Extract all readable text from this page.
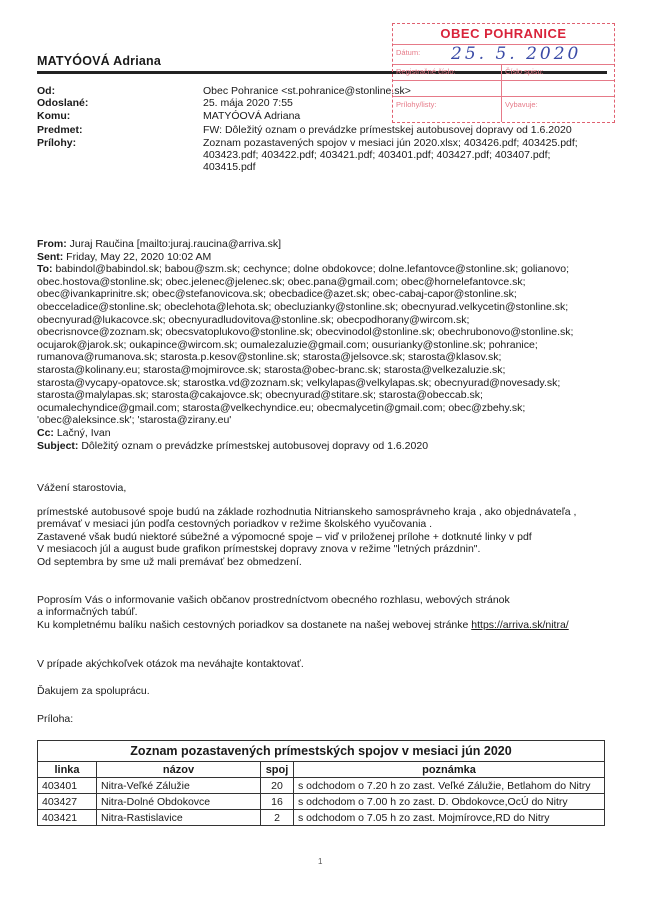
MATYÓOVÁ Adriana
Od:	Obec Pohranice <st.pohranice@stonline.sk>
Odoslané:	25. mája 2020 7:55
Komu:	MATYÓOVÁ Adriana
Predmet:	FW: Dôležitý oznam o prevádzke prímestskej autobusovej dopravy od 1.6.2020
Prílohy:	Zoznam pozastavených spojov v mesiaci jún 2020.xlsx; 403426.pdf; 403425.pdf;
403423.pdf; 403422.pdf; 403421.pdf; 403401.pdf; 403427.pdf; 403407.pdf;
403415.pdf
OBEC POHRANICE
Dátum: 25. 5. 2020
Registračné číslo:	Číslo spisu:
Prílohy/listy:	Vybavuje:
From: Juraj Raučina [mailto:juraj.raucina@arriva.sk]
Sent: Friday, May 22, 2020 10:02 AM
To: babindol@babindol.sk; babou@szm.sk; cechynce; dolne obdokovce; dolne.lefantovce@stonline.sk; golianovo;
obec.hostova@stonline.sk; obec.jelenec@jelenec.sk; obec.pana@gmail.com; obec@hornelefantovce.sk;
obec@ivankaprinitre.sk; obec@stefanovicova.sk; obecbadice@azet.sk; obec-cabaj-capor@stonline.sk;
obecceladice@stonline.sk; obeclehota@lehota.sk; obecluzianky@stonline.sk; obecnyurad.velkycetin@stonline.sk;
obecnyurad@lukacovce.sk; obecnyuradludovitova@stonline.sk; obecpodhorany@wircom.sk;
obecrisnovce@zoznam.sk; obecsvatoplukovo@stonline.sk; obecvinodol@stonline.sk; obechrubonovo@stonline.sk;
ocujarok@jarok.sk; oukapince@wircom.sk; oumalezaluzie@gmail.com; ousurianky@stonline.sk; pohranice;
rumanova@rumanova.sk; starosta.p.kesov@stonline.sk; starosta@jelsovce.sk; starosta@klasov.sk;
starosta@kolinany.eu; starosta@mojmirovce.sk; starosta@obec-branc.sk; starosta@velkezaluzie.sk;
starosta@vycapy-opatovce.sk; starostka.vd@zoznam.sk; velkylapas@velkylapas.sk; obecnyurad@novesady.sk;
starosta@malylapas.sk; starosta@cakajovce.sk; obecnyurad@stitare.sk; starosta@obeccab.sk;
ocumalechyndice@gmail.com; starosta@velkechyndice.eu; obecmalycetin@gmail.com; obec@zbehy.sk;
'obec@aleksince.sk'; 'starosta@zirany.eu'
Cc: Lačný, Ivan
Subject: Dôležitý oznam o prevádzke prímestskej autobusovej dopravy od 1.6.2020
Vážení starostovia,
prímestské autobusové spoje budú na základe rozhodnutia Nitrianskeho samosprávneho kraja , ako objednávateľa ,
premávať v mesiaci jún podľa cestovných poriadkov v režime školského vyučovania .
Zastavené však budú niektoré súbežné a výpomocné spoje – viď v priloženej prílohe + dotknuté linky v pdf
V mesiacoch júl a august bude grafikon prímestskej dopravy znova v režime "letných prázdnin".
Od septembra by sme už mali premávať bez obmedzení.
Poprosím Vás o informovanie vašich občanov prostredníctvom obecného rozhlasu, webových stránok
a informačných tabúľ.
Ku kompletnému balíku našich cestovných poriadkov sa dostanete na našej webovej stránke https://arriva.sk/nitra/
V prípade akýchkoľvek otázok ma neváhajte kontaktovať.
Ďakujem za spoluprácu.
Príloha:
Zoznam pozastavených prímestských spojov v mesiaci jún 2020			
linka	názov	spoj	poznámka
403401	Nitra-Veľké Zálužie	20	s odchodom o 7.20 h zo zast. Veľké Zálužie, Betlahom do Nitry
403427	Nitra-Dolné Obdokovce	16	s odchodom o 7.00 h zo zast. D. Obdokovce,OcÚ do Nitry
403421	Nitra-Rastislavice	2	s odchodom o 7.05 h zo zast. Mojmírovce,RD do Nitry
1
